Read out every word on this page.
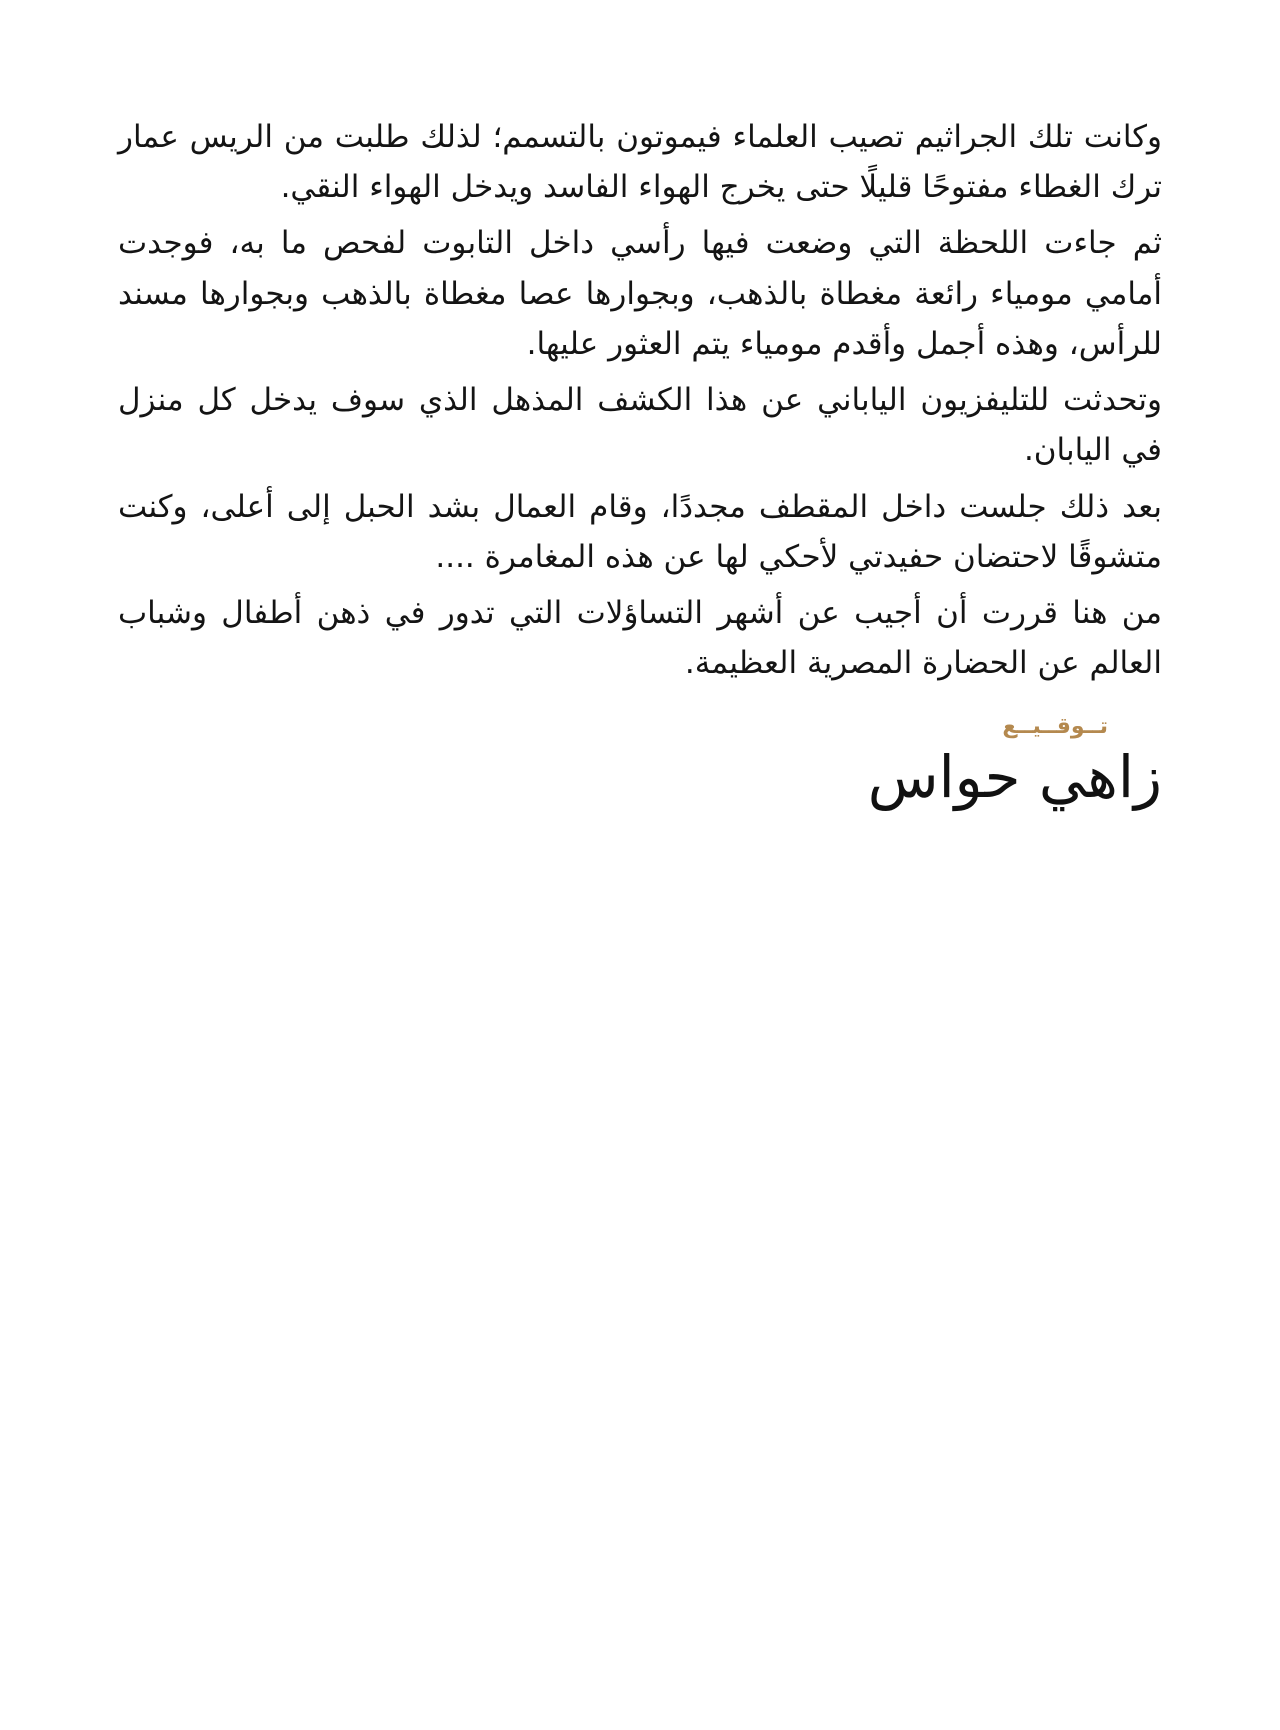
وكانت تلك الجراثيم تصيب العلماء فيموتون بالتسمم؛ لذلك طلبت من الريس عمار ترك الغطاء مفتوحًا قليلًا حتى يخرج الهواء الفاسد ويدخل الهواء النقي.

ثم جاءت اللحظة التي وضعت فيها رأسي داخل التابوت لفحص ما به، فوجدت أمامي مومياء رائعة مغطاة بالذهب، وبجوارها عصا مغطاة بالذهب وبجوارها مسند للرأس، وهذه أجمل وأقدم مومياء يتم العثور عليها.

وتحدثت للتليفزيون الياباني عن هذا الكشف المذهل الذي سوف يدخل كل منزل في اليابان.

بعد ذلك جلست داخل المقطف مجددًا، وقام العمال بشد الحبل إلى أعلى، وكنت متشوقًا لاحتضان حفيدتي لأحكي لها عن هذه المغامرة ....

من هنا قررت أن أجيب عن أشهر التساؤلات التي تدور في ذهن أطفال وشباب العالم عن الحضارة المصرية العظيمة.

تــوقــيــع
زاهي حواس
